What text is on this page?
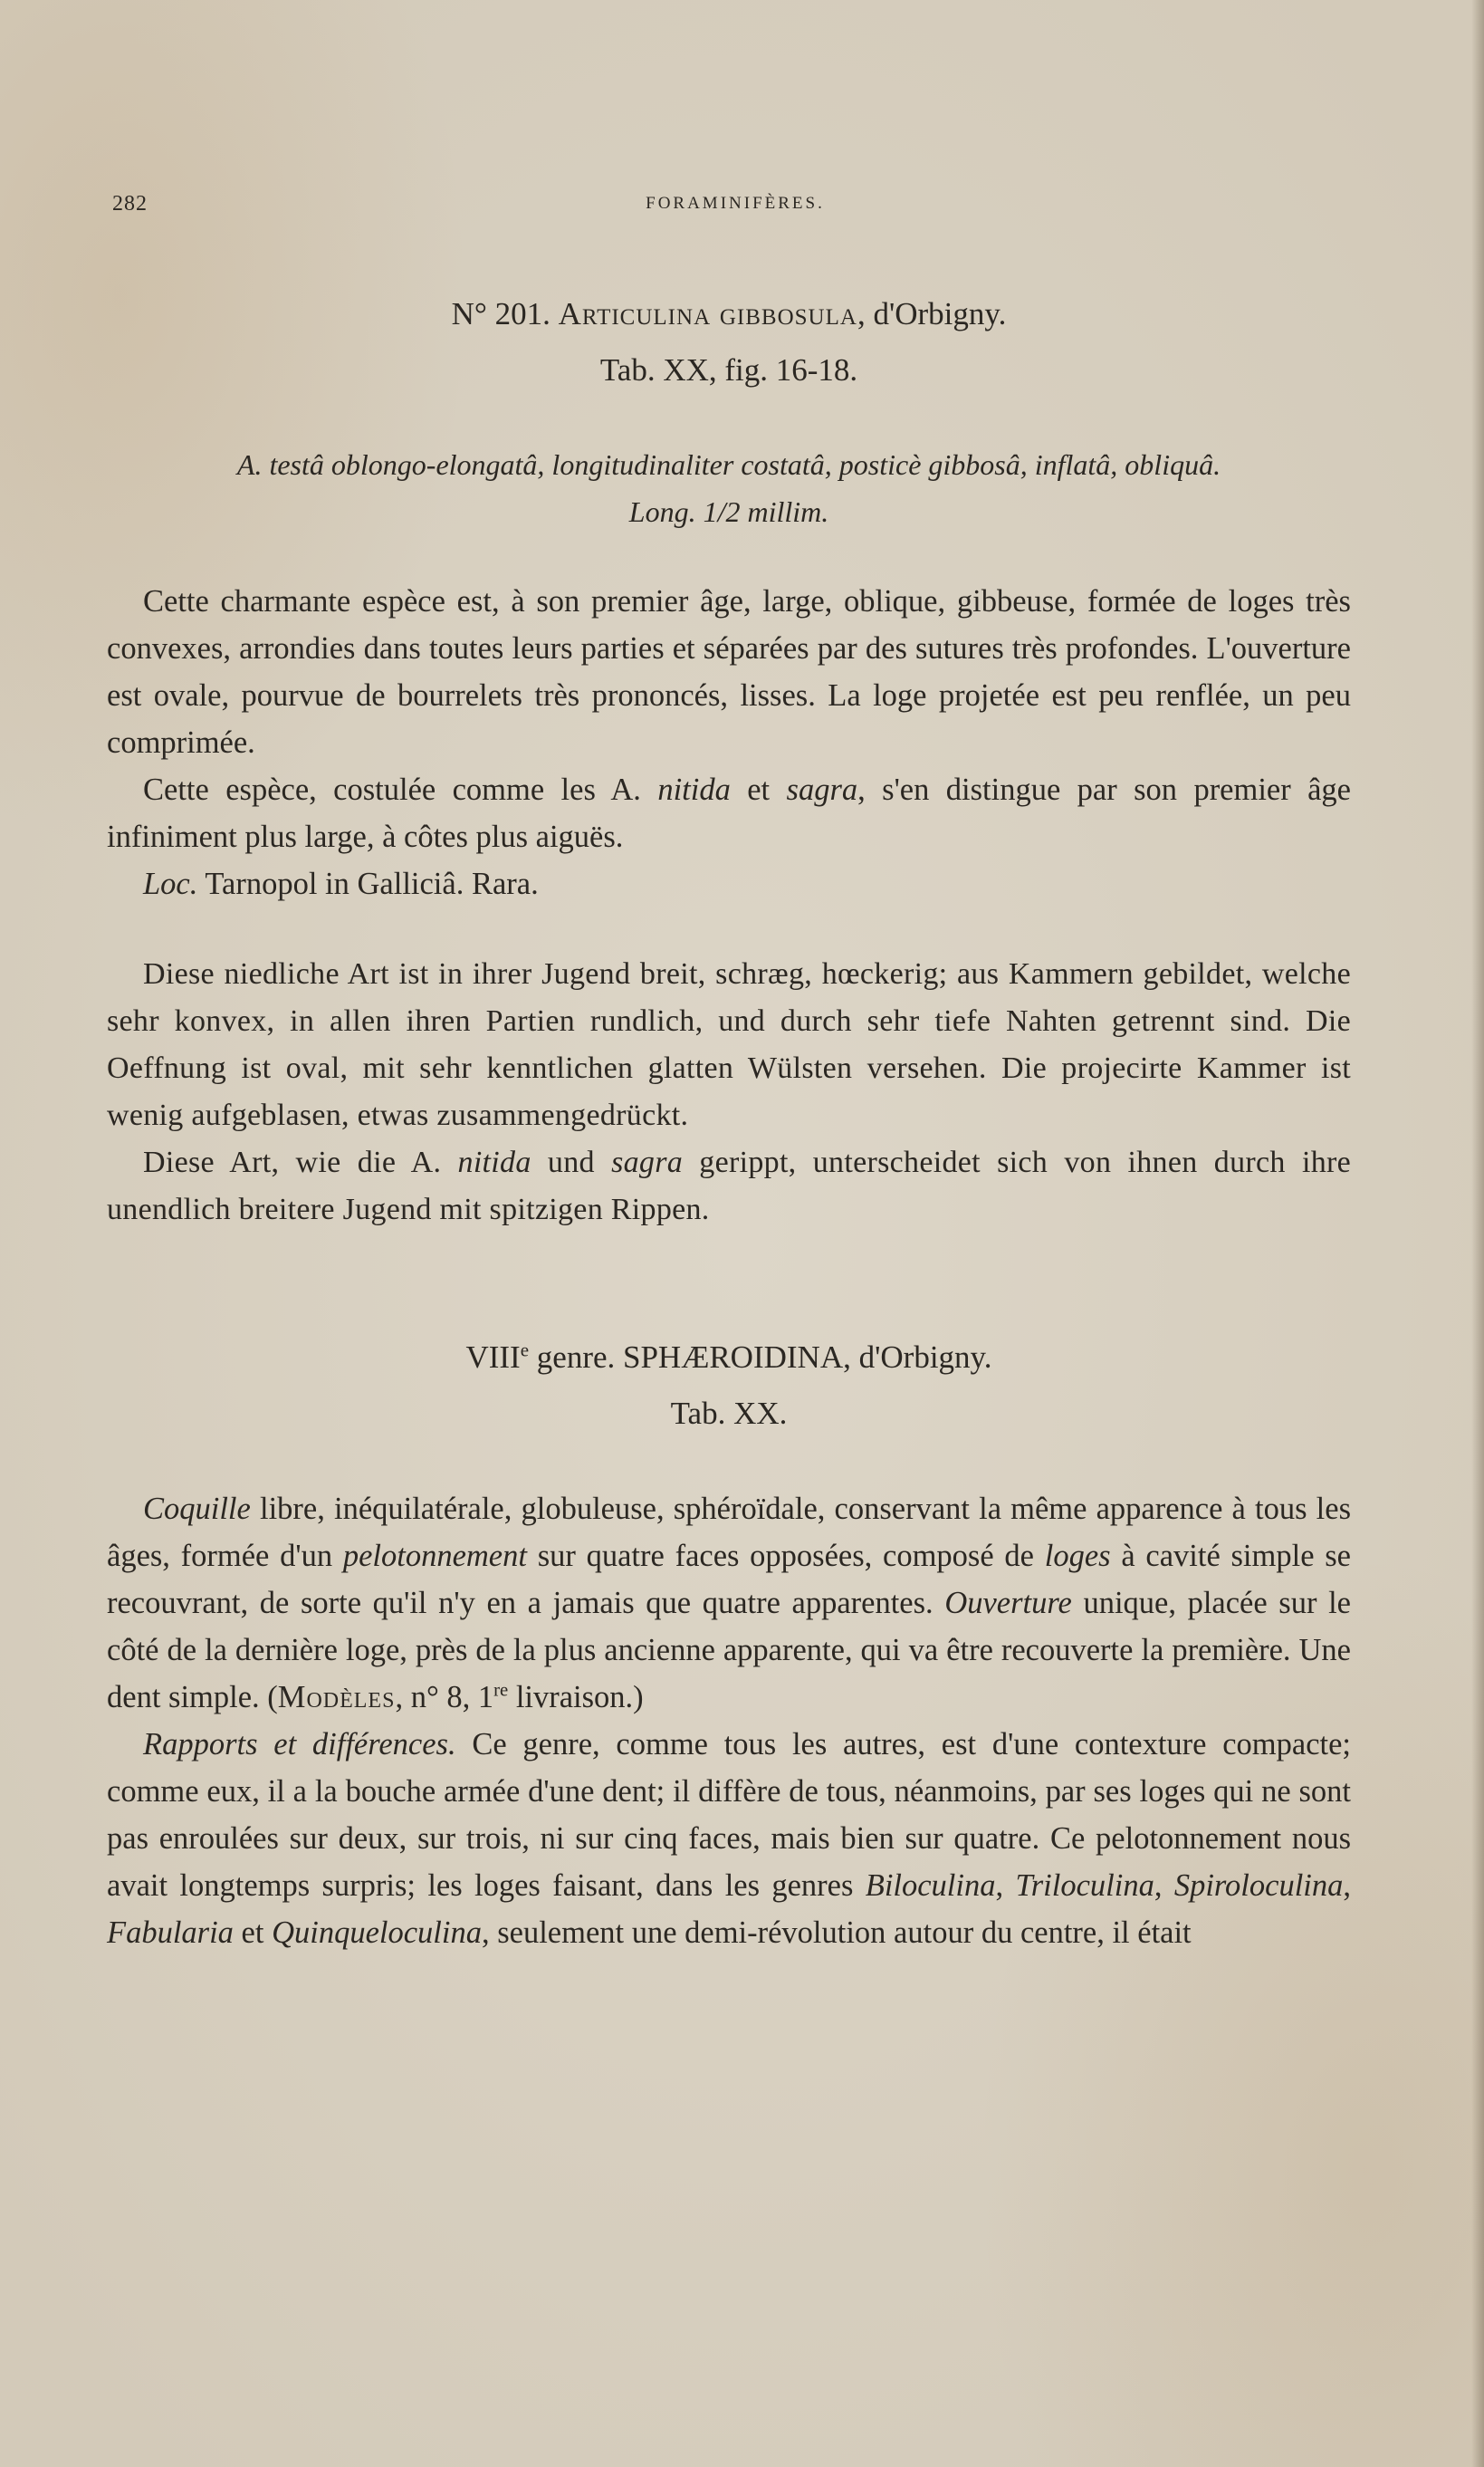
282	FORAMINIFÈRES.
N° 201. Articulina gibbosula, d'Orbigny.
Tab. XX, fig. 16-18.
A. testâ oblongo-elongatâ, longitudinaliter costatâ, posticè gibbosâ, inflatâ, obliquâ.
Long. 1/2 millim.

Cette charmante espèce est, à son premier âge, large, oblique, gibbeuse, formée de loges très convexes, arrondies dans toutes leurs parties et séparées par des sutures très profondes. L'ouverture est ovale, pourvue de bourrelets très prononcés, lisses. La loge projetée est peu renflée, un peu comprimée.

Cette espèce, costulée comme les A. nitida et sagra, s'en distingue par son premier âge infiniment plus large, à côtes plus aiguës.

Loc. Tarnopol in Galliciâ. Rara.

Diese niedliche Art ist in ihrer Jugend breit, schræg, hœckerig; aus Kammern gebildet, welche sehr konvex, in allen ihren Partien rundlich, und durch sehr tiefe Nahten getrennt sind. Die Oeffnung ist oval, mit sehr kenntlichen glatten Wülsten versehen. Die projecirte Kammer ist wenig aufgeblasen, etwas zusammengedrückt.

Diese Art, wie die A. nitida und sagra gerippt, unterscheidet sich von ihnen durch ihre unendlich breitere Jugend mit spitzigen Rippen.

VIIIe genre. SPHÆROIDINA, d'Orbigny.
Tab. XX.

Coquille libre, inéquilatérale, globuleuse, sphéroïdale, conservant la même apparence à tous les âges, formée d'un pelotonnement sur quatre faces opposées, composé de loges à cavité simple se recouvrant, de sorte qu'il n'y en a jamais que quatre apparentes. Ouverture unique, placée sur le côté de la dernière loge, près de la plus ancienne apparente, qui va être recouverte la première. Une dent simple. (Modèles, n° 8, 1re livraison.)

Rapports et différences. Ce genre, comme tous les autres, est d'une contexture compacte; comme eux, il a la bouche armée d'une dent; il diffère de tous, néanmoins, par ses loges qui ne sont pas enroulées sur deux, sur trois, ni sur cinq faces, mais bien sur quatre. Ce pelotonnement nous avait longtemps surpris; les loges faisant, dans les genres Biloculina, Triloculina, Spiroloculina, Fabularia et Quinqueloculina, seulement une demi-révolution autour du centre, il était
